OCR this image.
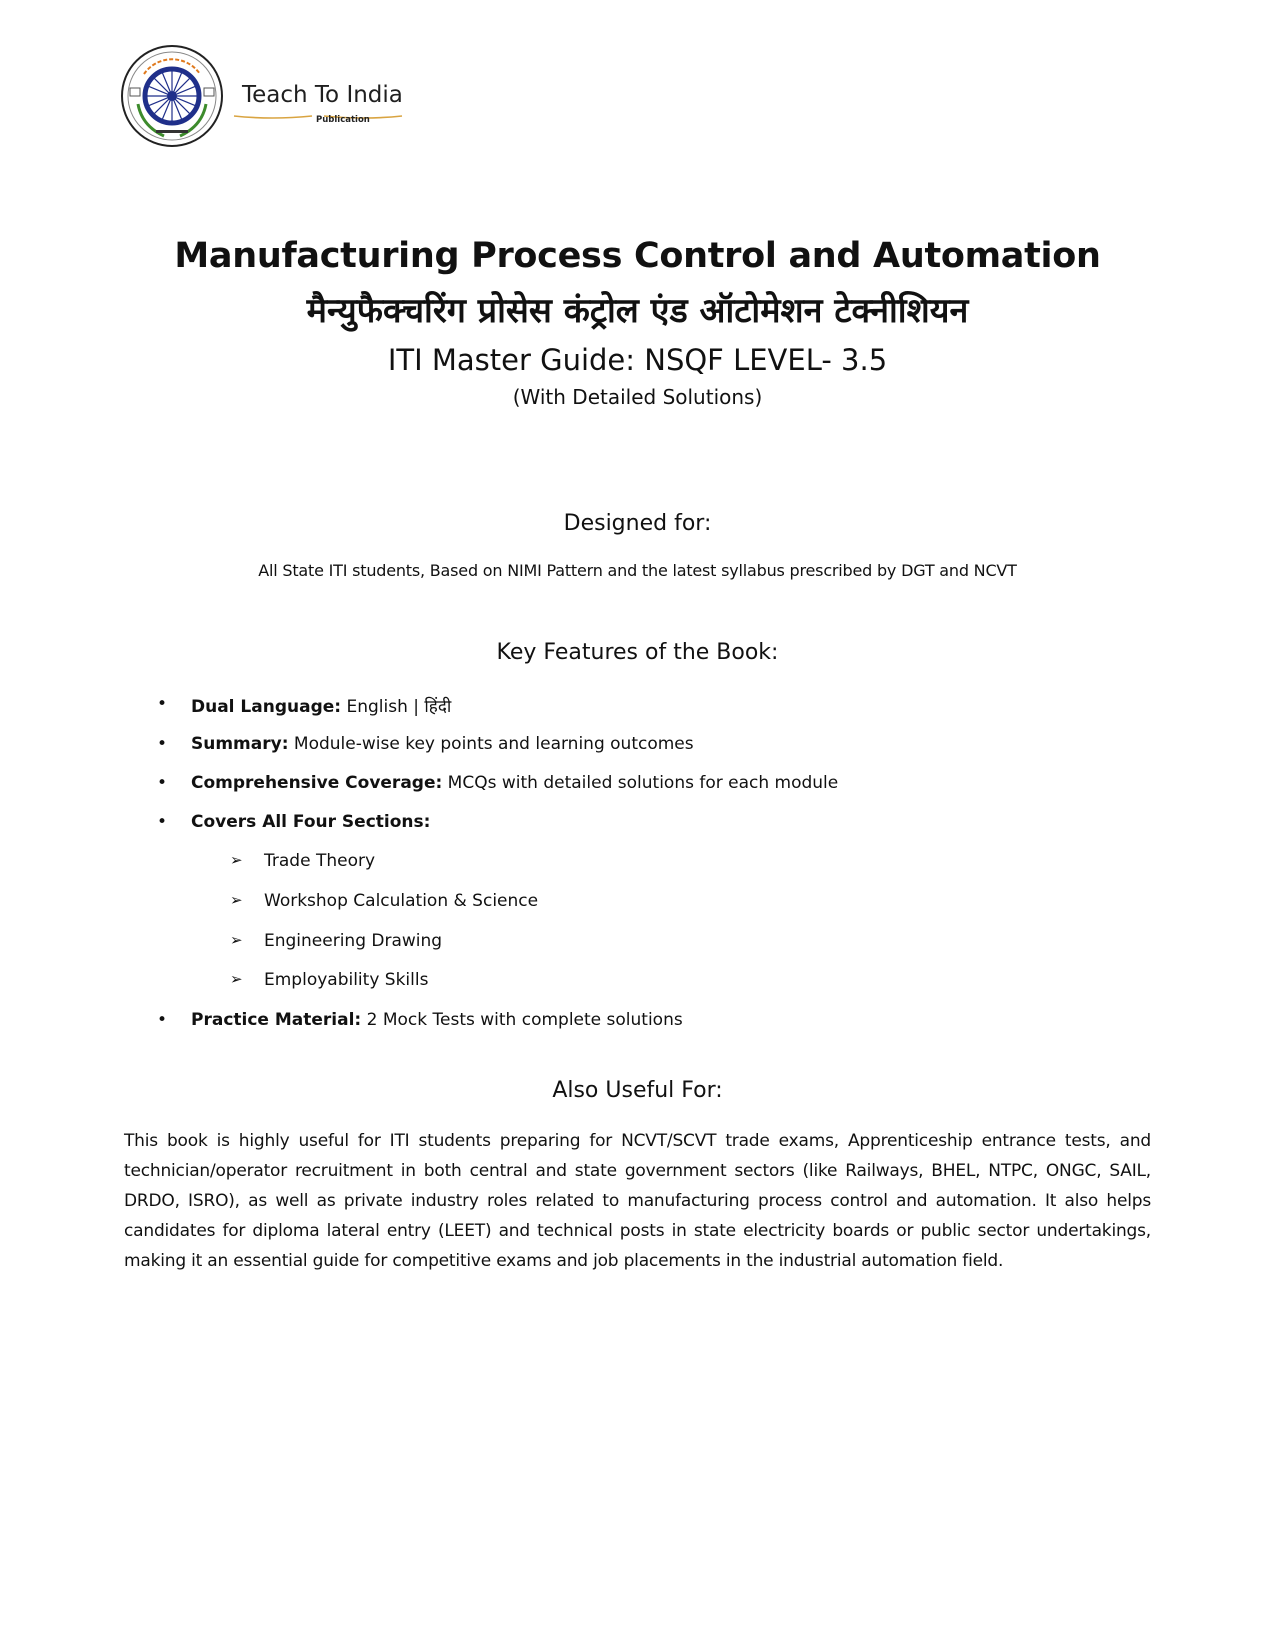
Teach To India
Publication
Manufacturing Process Control and Automation
मैन्युफैक्चरिंग प्रोसेस कंट्रोल एंड ऑटोमेशन टेक्नीशियन
ITI Master Guide: NSQF LEVEL- 3.5
(With Detailed Solutions)
Designed for:
All State ITI students, Based on NIMI Pattern and the latest syllabus prescribed by DGT and NCVT
Key Features of the Book:
• Dual Language: English | हिंदी
• Summary: Module-wise key points and learning outcomes
• Comprehensive Coverage: MCQs with detailed solutions for each module
• Covers All Four Sections:
➢ Trade Theory
➢ Workshop Calculation & Science
➢ Engineering Drawing
➢ Employability Skills
• Practice Material: 2 Mock Tests with complete solutions
Also Useful For:
This book is highly useful for ITI students preparing for NCVT/SCVT trade exams, Apprenticeship entrance tests, and technician/operator recruitment in both central and state government sectors (like Railways, BHEL, NTPC, ONGC, SAIL, DRDO, ISRO), as well as private industry roles related to manufacturing process control and automation. It also helps candidates for diploma lateral entry (LEET) and technical posts in state electricity boards or public sector undertakings, making it an essential guide for competitive exams and job placements in the industrial automation field.
